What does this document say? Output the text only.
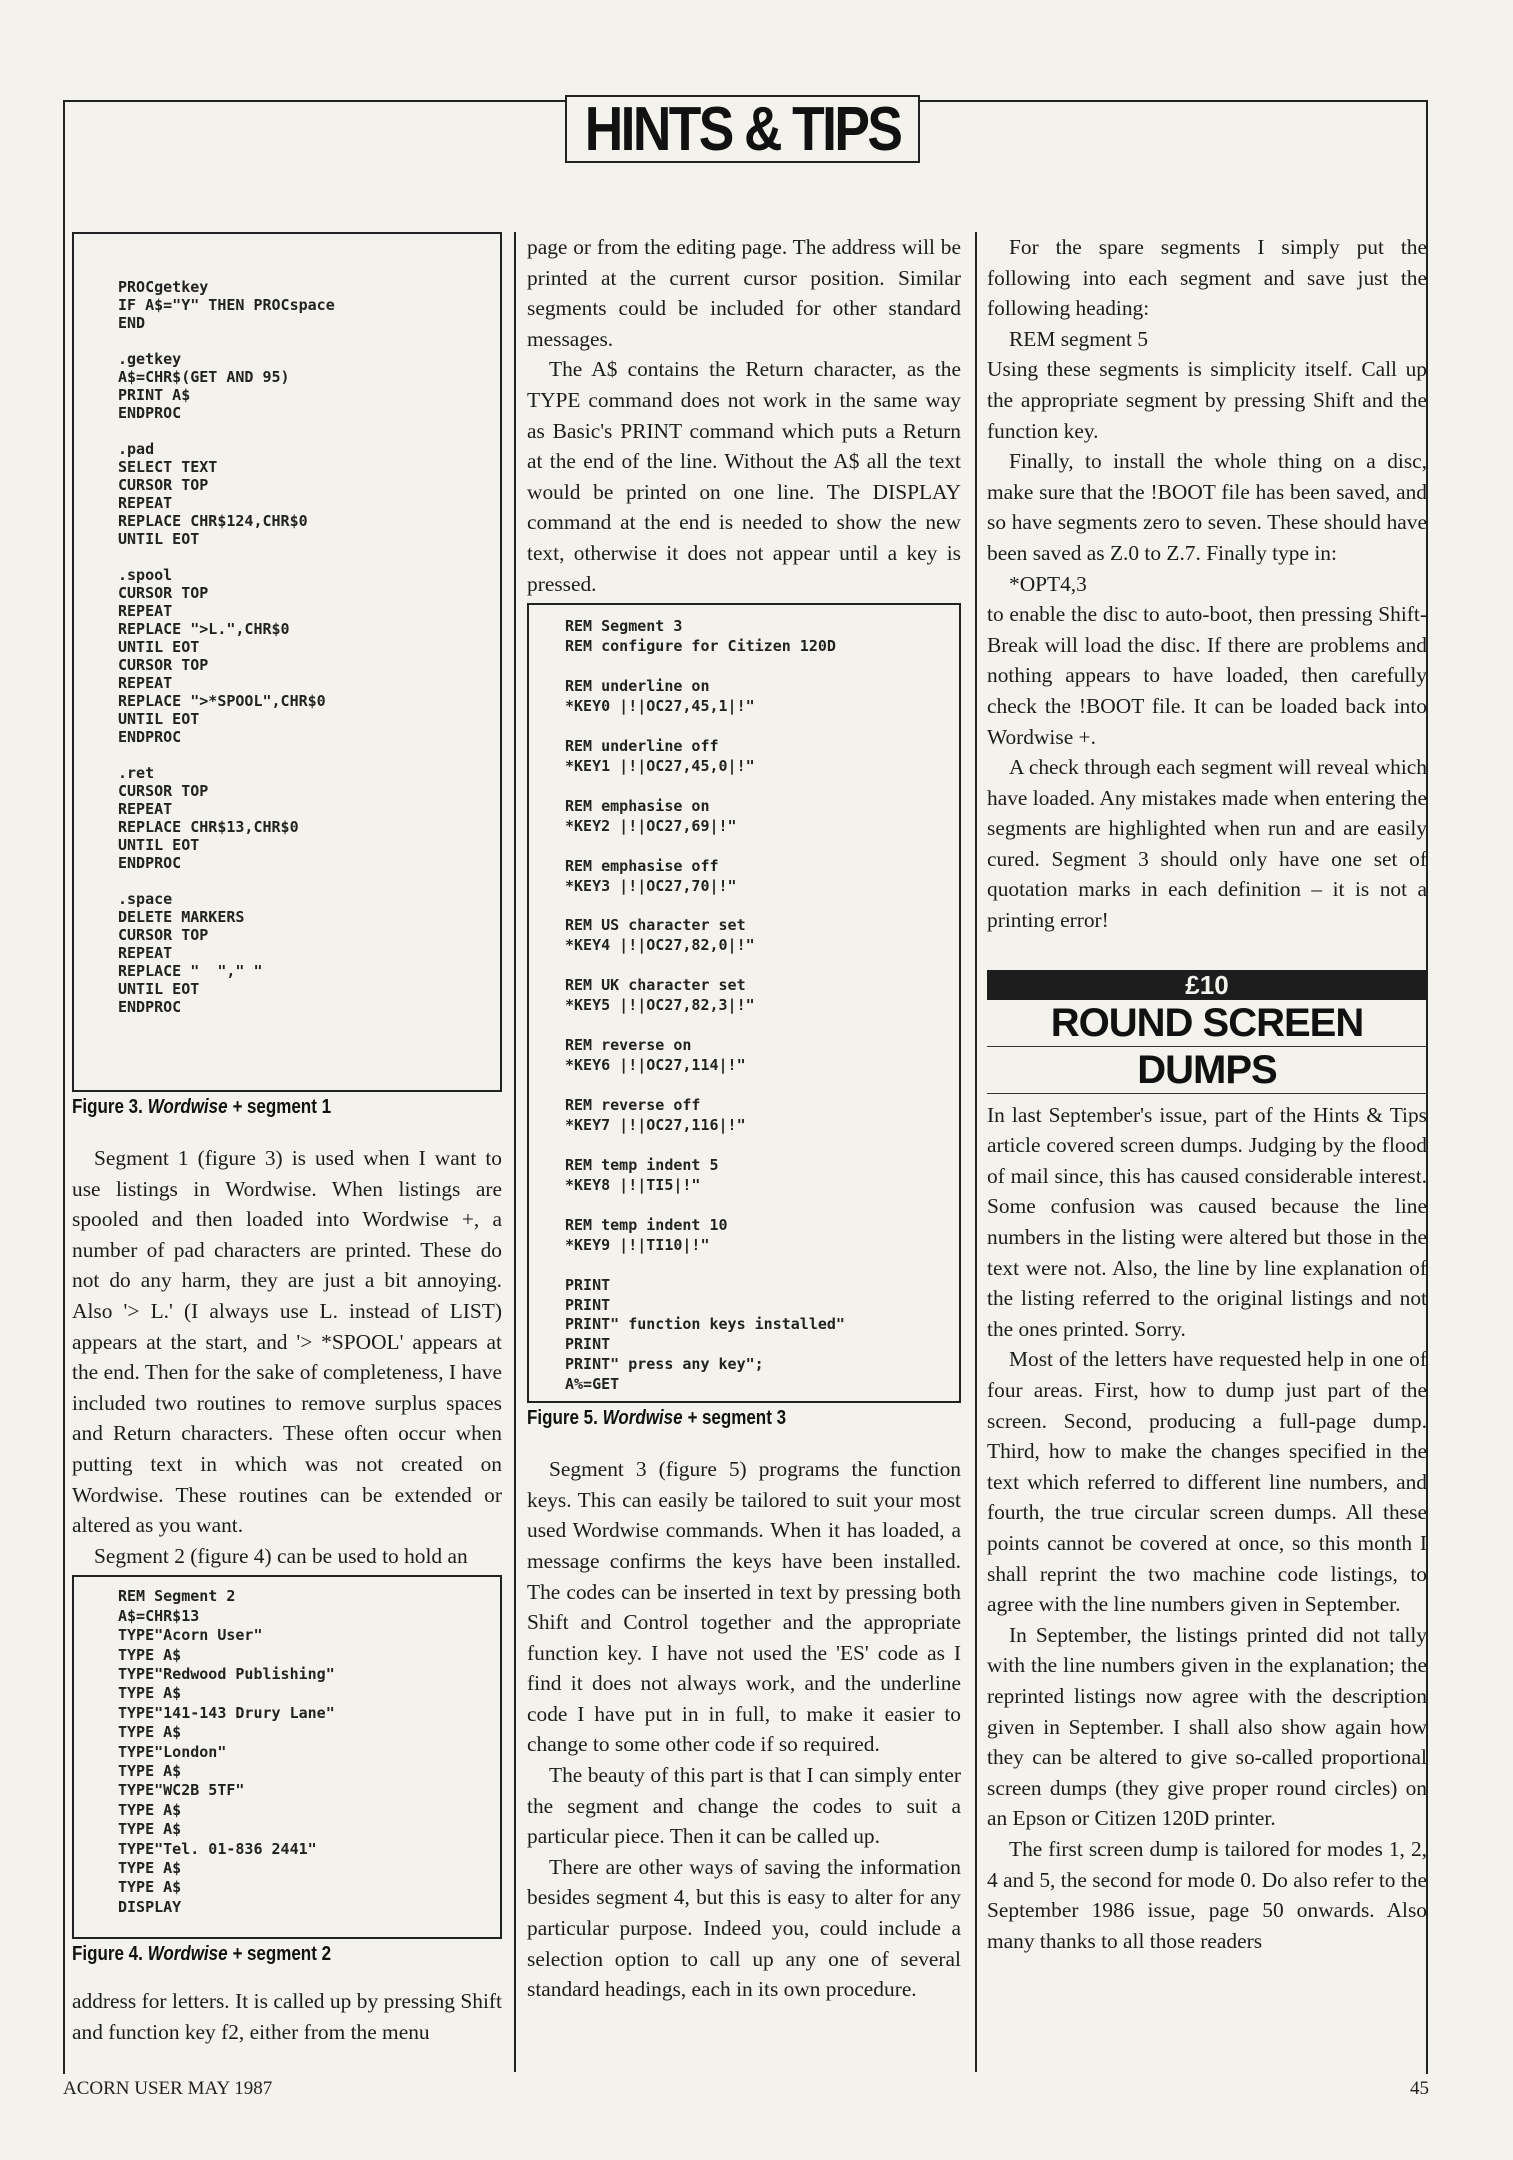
HINTS & TIPS
PROCgetkey
IF A$="Y" THEN PROCspace
END

.getkey
A$=CHR$(GET AND 95)
PRINT A$
ENDPROC

.pad
SELECT TEXT
CURSOR TOP
REPEAT
REPLACE CHR$124,CHR$0
UNTIL EOT

.spool
CURSOR TOP
REPEAT
REPLACE ">L.",CHR$0
UNTIL EOT
CURSOR TOP
REPEAT
REPLACE ">*SPOOL",CHR$0
UNTIL EOT
ENDPROC

.ret
CURSOR TOP
REPEAT
REPLACE CHR$13,CHR$0
UNTIL EOT
ENDPROC

.space
DELETE MARKERS
CURSOR TOP
REPEAT
REPLACE "  "," "
UNTIL EOT
ENDPROC
Figure 3. Wordwise + segment 1

Segment 1 (figure 3) is used when I want to use listings in Wordwise. When listings are spooled and then loaded into Wordwise +, a number of pad characters are printed. These do not do any harm, they are just a bit annoying. Also '> L.' (I always use L. instead of LIST) appears at the start, and '> *SPOOL' appears at the end. Then for the sake of completeness, I have included two routines to remove surplus spaces and Return characters. These often occur when putting text in which was not created on Wordwise. These routines can be extended or altered as you want.

Segment 2 (figure 4) can be used to hold an

REM Segment 2
A$=CHR$13
TYPE"Acorn User"
TYPE A$
TYPE"Redwood Publishing"
TYPE A$
TYPE"141-143 Drury Lane"
TYPE A$
TYPE"London"
TYPE A$
TYPE"WC2B 5TF"
TYPE A$
TYPE A$
TYPE"Tel. 01-836 2441"
TYPE A$
TYPE A$
DISPLAY
Figure 4. Wordwise + segment 2

address for letters. It is called up by pressing Shift and function key f2, either from the menu

page or from the editing page. The address will be printed at the current cursor position. Similar segments could be included for other standard messages.

The A$ contains the Return character, as the TYPE command does not work in the same way as Basic's PRINT command which puts a Return at the end of the line. Without the A$ all the text would be printed on one line. The DISPLAY command at the end is needed to show the new text, otherwise it does not appear until a key is pressed.

REM Segment 3
REM configure for Citizen 120D

REM underline on
*KEY0 |!|OC27,45,1|!"

REM underline off
*KEY1 |!|OC27,45,0|!"

REM emphasise on
*KEY2 |!|OC27,69|!"

REM emphasise off
*KEY3 |!|OC27,70|!"

REM US character set
*KEY4 |!|OC27,82,0|!"

REM UK character set
*KEY5 |!|OC27,82,3|!"

REM reverse on
*KEY6 |!|OC27,114|!"

REM reverse off
*KEY7 |!|OC27,116|!"

REM temp indent 5
*KEY8 |!|TI5|!"

REM temp indent 10
*KEY9 |!|TI10|!"

PRINT
PRINT
PRINT" function keys installed"
PRINT
PRINT" press any key";
A%=GET
Figure 5. Wordwise + segment 3

Segment 3 (figure 5) programs the function keys. This can easily be tailored to suit your most used Wordwise commands. When it has loaded, a message confirms the keys have been installed. The codes can be inserted in text by pressing both Shift and Control together and the appropriate function key. I have not used the 'ES' code as I find it does not always work, and the underline code I have put in in full, to make it easier to change to some other code if so required.

The beauty of this part is that I can simply enter the segment and change the codes to suit a particular piece. Then it can be called up.

There are other ways of saving the information besides segment 4, but this is easy to alter for any particular purpose. Indeed you, could include a selection option to call up any one of several standard headings, each in its own procedure.

For the spare segments I simply put the following into each segment and save just the following heading:

REM segment 5

Using these segments is simplicity itself. Call up the appropriate segment by pressing Shift and the function key.

Finally, to install the whole thing on a disc, make sure that the !BOOT file has been saved, and so have segments zero to seven. These should have been saved as Z.0 to Z.7. Finally type in:

*OPT4,3

to enable the disc to auto-boot, then pressing Shift-Break will load the disc. If there are problems and nothing appears to have loaded, then carefully check the !BOOT file. It can be loaded back into Wordwise +.

A check through each segment will reveal which have loaded. Any mistakes made when entering the segments are highlighted when run and are easily cured. Segment 3 should only have one set of quotation marks in each definition – it is not a printing error!

£10
ROUND SCREEN
DUMPS

In last September's issue, part of the Hints & Tips article covered screen dumps. Judging by the flood of mail since, this has caused considerable interest. Some confusion was caused because the line numbers in the listing were altered but those in the text were not. Also, the line by line explanation of the listing referred to the original listings and not the ones printed. Sorry.

Most of the letters have requested help in one of four areas. First, how to dump just part of the screen. Second, producing a full-page dump. Third, how to make the changes specified in the text which referred to different line numbers, and fourth, the true circular screen dumps. All these points cannot be covered at once, so this month I shall reprint the two machine code listings, to agree with the line numbers given in September.

In September, the listings printed did not tally with the line numbers given in the explanation; the reprinted listings now agree with the description given in September. I shall also show again how they can be altered to give so-called proportional screen dumps (they give proper round circles) on an Epson or Citizen 120D printer.

The first screen dump is tailored for modes 1, 2, 4 and 5, the second for mode 0. Do also refer to the September 1986 issue, page 50 onwards. Also many thanks to all those readers

ACORN USER MAY 1987	45
